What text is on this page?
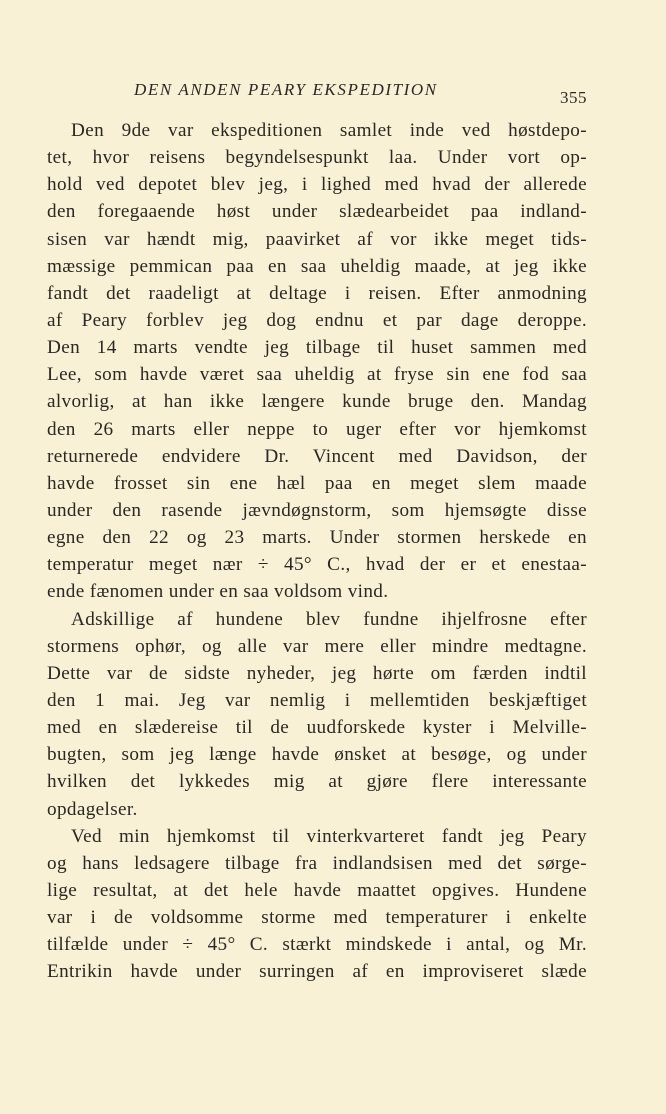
DEN ANDEN PEARY EKSPEDITION	355
Den 9de var ekspeditionen samlet inde ved høstdepo-
tet, hvor reisens begyndelsespunkt laa. Under vort op-
hold ved depotet blev jeg, i lighed med hvad der allerede
den foregaaende høst under slædearbeidet paa indland-
sisen var hændt mig, paavirket af vor ikke meget tids-
mæssige pemmican paa en saa uheldig maade, at jeg ikke
fandt det raadeligt at deltage i reisen. Efter anmodning
af Peary forblev jeg dog endnu et par dage deroppe.
Den 14 marts vendte jeg tilbage til huset sammen med
Lee, som havde været saa uheldig at fryse sin ene fod saa
alvorlig, at han ikke længere kunde bruge den. Mandag
den 26 marts eller neppe to uger efter vor hjemkomst
returnerede endvidere Dr. Vincent med Davidson, der
havde frosset sin ene hæl paa en meget slem maade
under den rasende jævndøgnstorm, som hjemsøgte disse
egne den 22 og 23 marts. Under stormen herskede en
temperatur meget nær ÷ 45° C., hvad der er et enestaa-
ende fænomen under en saa voldsom vind.
Adskillige af hundene blev fundne ihjelfrosne efter
stormens ophør, og alle var mere eller mindre medtagne.
Dette var de sidste nyheder, jeg hørte om færden indtil
den 1 mai. Jeg var nemlig i mellemtiden beskjæftiget
med en slædereise til de uudforskede kyster i Melville-
bugten, som jeg længe havde ønsket at besøge, og under
hvilken det lykkedes mig at gjøre flere interessante
opdagelser.
Ved min hjemkomst til vinterkvarteret fandt jeg Peary
og hans ledsagere tilbage fra indlandsisen med det sørge-
lige resultat, at det hele havde maattet opgives. Hundene
var i de voldsomme storme med temperaturer i enkelte
tilfælde under ÷ 45° C. stærkt mindskede i antal, og Mr.
Entrikin havde under surringen af en improviseret slæde
